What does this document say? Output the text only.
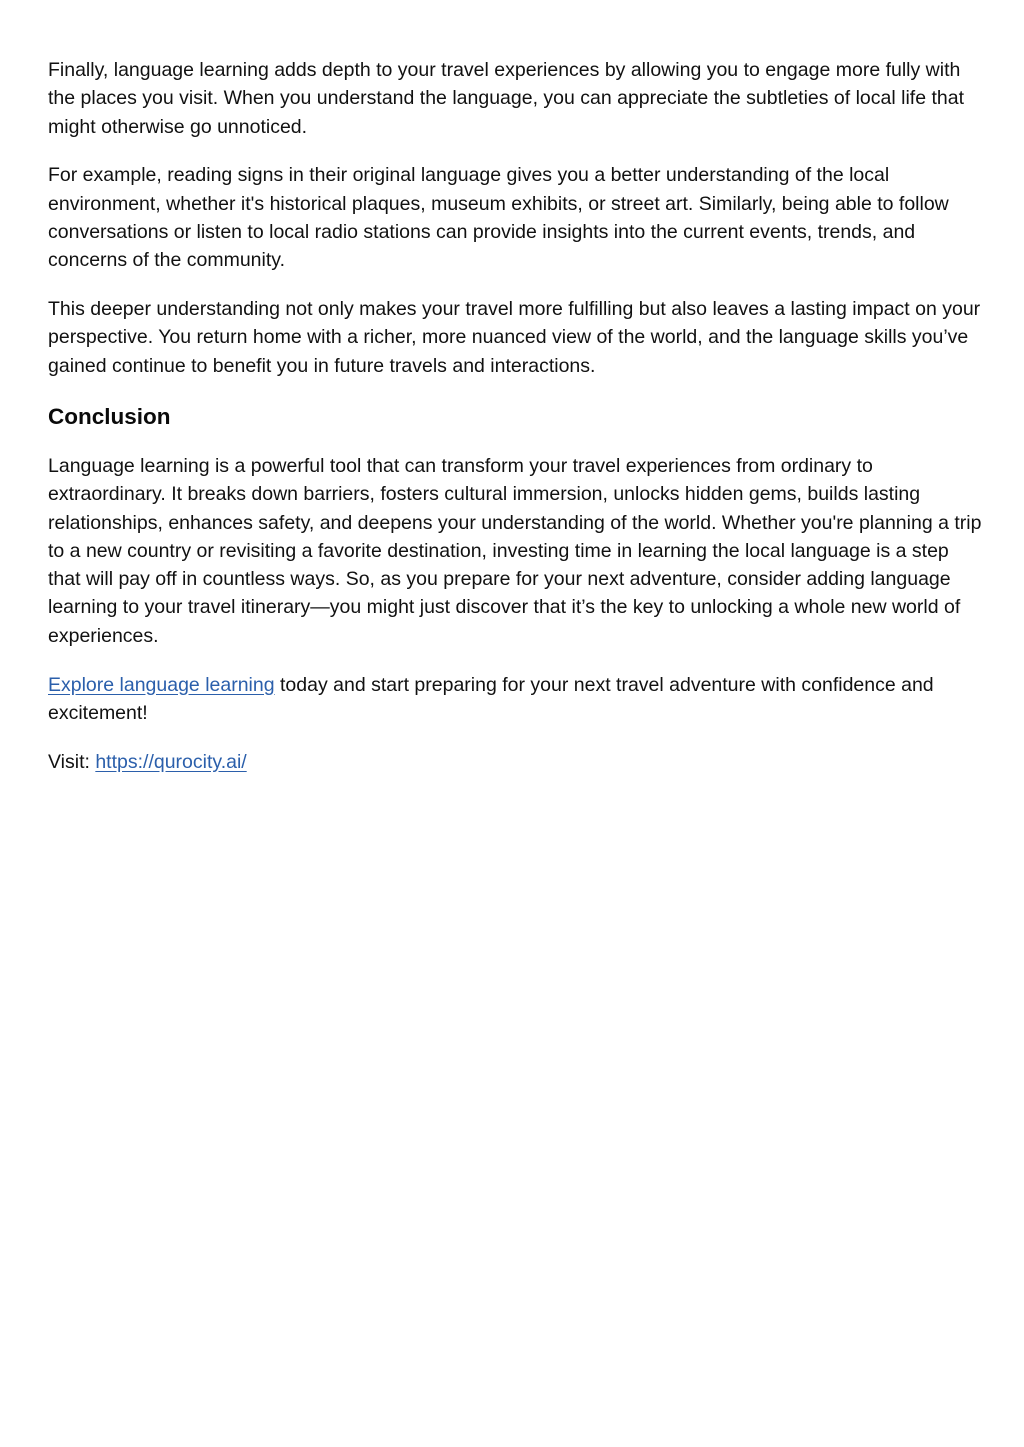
Finally, language learning adds depth to your travel experiences by allowing you to engage more fully with the places you visit. When you understand the language, you can appreciate the subtleties of local life that might otherwise go unnoticed.

For example, reading signs in their original language gives you a better understanding of the local environment, whether it's historical plaques, museum exhibits, or street art. Similarly, being able to follow conversations or listen to local radio stations can provide insights into the current events, trends, and concerns of the community.

This deeper understanding not only makes your travel more fulfilling but also leaves a lasting impact on your perspective. You return home with a richer, more nuanced view of the world, and the language skills you’ve gained continue to benefit you in future travels and interactions.

Conclusion

Language learning is a powerful tool that can transform your travel experiences from ordinary to extraordinary. It breaks down barriers, fosters cultural immersion, unlocks hidden gems, builds lasting relationships, enhances safety, and deepens your understanding of the world. Whether you're planning a trip to a new country or revisiting a favorite destination, investing time in learning the local language is a step that will pay off in countless ways. So, as you prepare for your next adventure, consider adding language learning to your travel itinerary—you might just discover that it’s the key to unlocking a whole new world of experiences.

Explore language learning today and start preparing for your next travel adventure with confidence and excitement!

Visit: https://qurocity.ai/
